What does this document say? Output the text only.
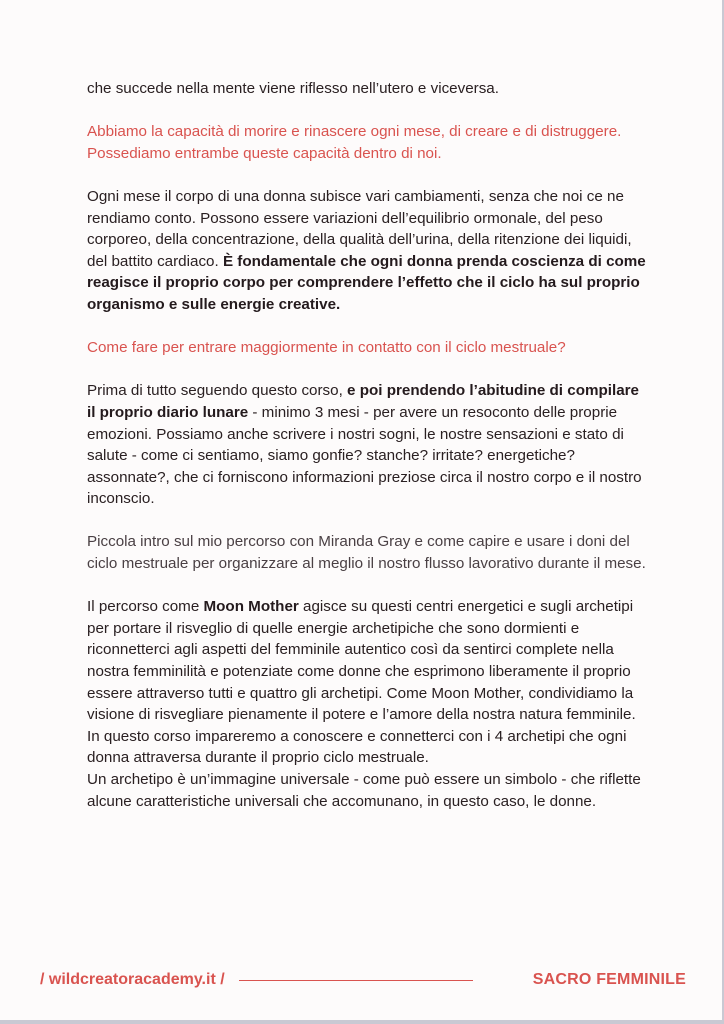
che succede nella mente viene riflesso nell’utero e viceversa.

Abbiamo la capacità di morire e rinascere ogni mese, di creare e di distruggere. Possediamo entrambe queste capacità dentro di noi.

Ogni mese il corpo di una donna subisce vari cambiamenti, senza che noi ce ne rendiamo conto. Possono essere variazioni dell’equilibrio ormonale, del peso corporeo, della concentrazione, della qualità dell’urina, della ritenzione dei liquidi, del battito cardiaco. È fondamentale che ogni donna prenda coscienza di come reagisce il proprio corpo per comprendere l’effetto che il ciclo ha sul proprio organismo e sulle energie creative.

Come fare per entrare maggiormente in contatto con il ciclo mestruale?

Prima di tutto seguendo questo corso, e poi prendendo l’abitudine di compilare il proprio diario lunare - minimo 3 mesi - per avere un resoconto delle proprie emozioni. Possiamo anche scrivere i nostri sogni, le nostre sensazioni e stato di salute - come ci sentiamo, siamo gonfie? stanche? irritate? energetiche? assonnate?, che ci forniscono informazioni preziose circa il nostro corpo e il nostro inconscio.

Piccola intro sul mio percorso con Miranda Gray e come capire e usare i doni del ciclo mestruale per organizzare al meglio il nostro flusso lavorativo durante il mese.

Il percorso come Moon Mother agisce su questi centri energetici e sugli archetipi per portare il risveglio di quelle energie archetipiche che sono dormienti e riconnetterci agli aspetti del femminile autentico così da sentirci complete nella nostra femminilità e potenziate come donne che esprimono liberamente il proprio essere attraverso tutti e quattro gli archetipi. Come Moon Mother, condividiamo la visione di risvegliare pienamente il potere e l’amore della nostra natura femminile.
In questo corso impareremo a conoscere e connetterci con i 4 archetipi che ogni donna attraversa durante il proprio ciclo mestruale.
Un archetipo è un’immagine universale - come può essere un simbolo - che riflette alcune caratteristiche universali che accomunano, in questo caso, le donne.

/ wildcreatoracademy.it /	SACRO FEMMINILE
